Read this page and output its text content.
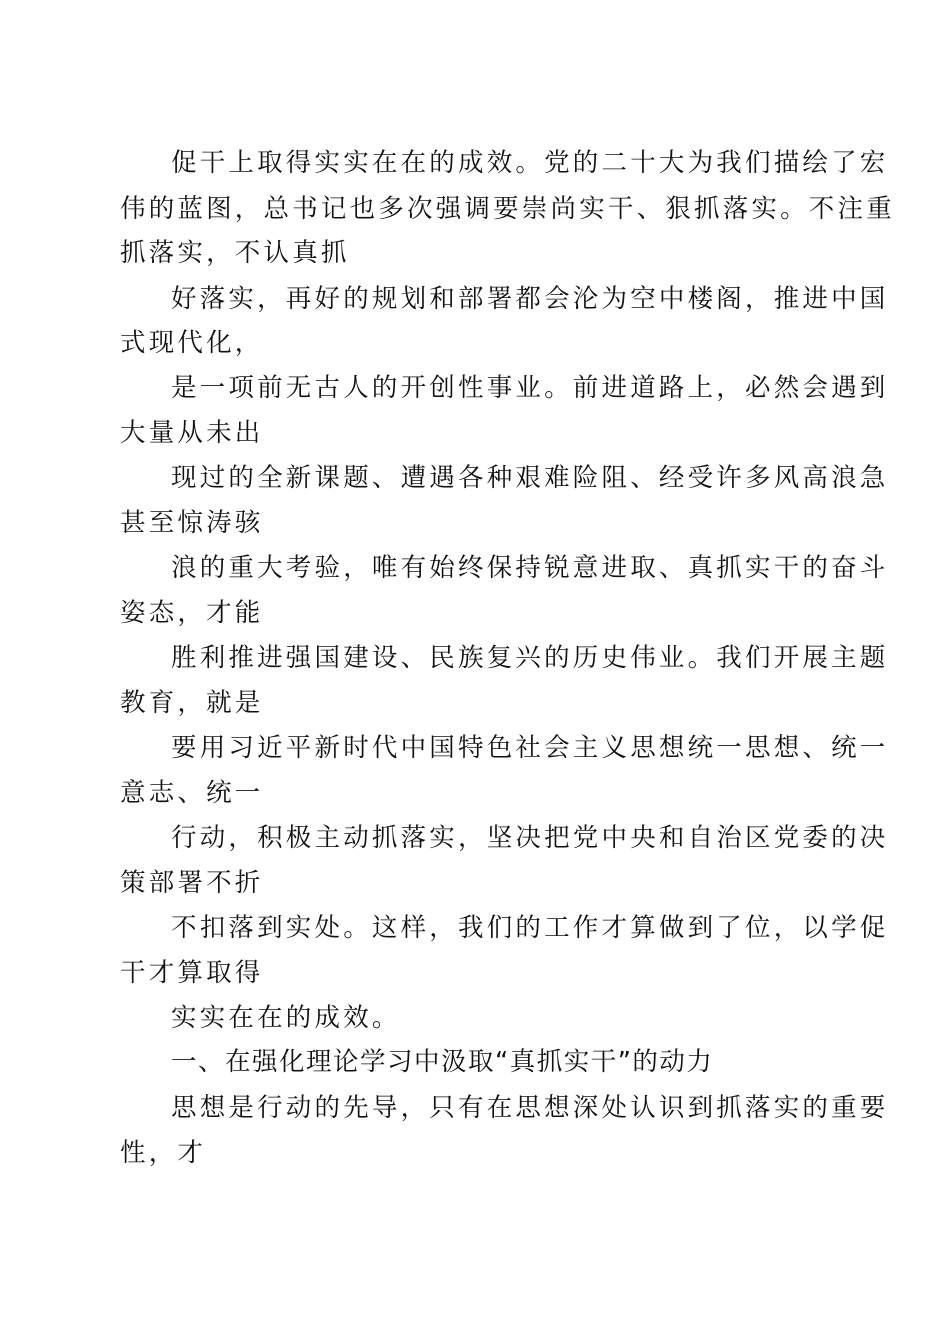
促干上取得实实在在的成效。党的二十大为我们描绘了宏
伟的蓝图，总书记也多次强调要崇尚实干、狠抓落实。不注重
抓落实，不认真抓
好落实，再好的规划和部署都会沦为空中楼阁，推进中国
式现代化，
是一项前无古人的开创性事业。前进道路上，必然会遇到
大量从未出
现过的全新课题、遭遇各种艰难险阻、经受许多风高浪急
甚至惊涛骇
浪的重大考验，唯有始终保持锐意进取、真抓实干的奋斗
姿态，才能
胜利推进强国建设、民族复兴的历史伟业。我们开展主题
教育，就是
要用习近平新时代中国特色社会主义思想统一思想、统一
意志、统一
行动，积极主动抓落实，坚决把党中央和自治区党委的决
策部署不折
不扣落到实处。这样，我们的工作才算做到了位，以学促
干才算取得
实实在在的成效。
一、在强化理论学习中汲取“真抓实干”的动力
思想是行动的先导，只有在思想深处认识到抓落实的重要
性，才
